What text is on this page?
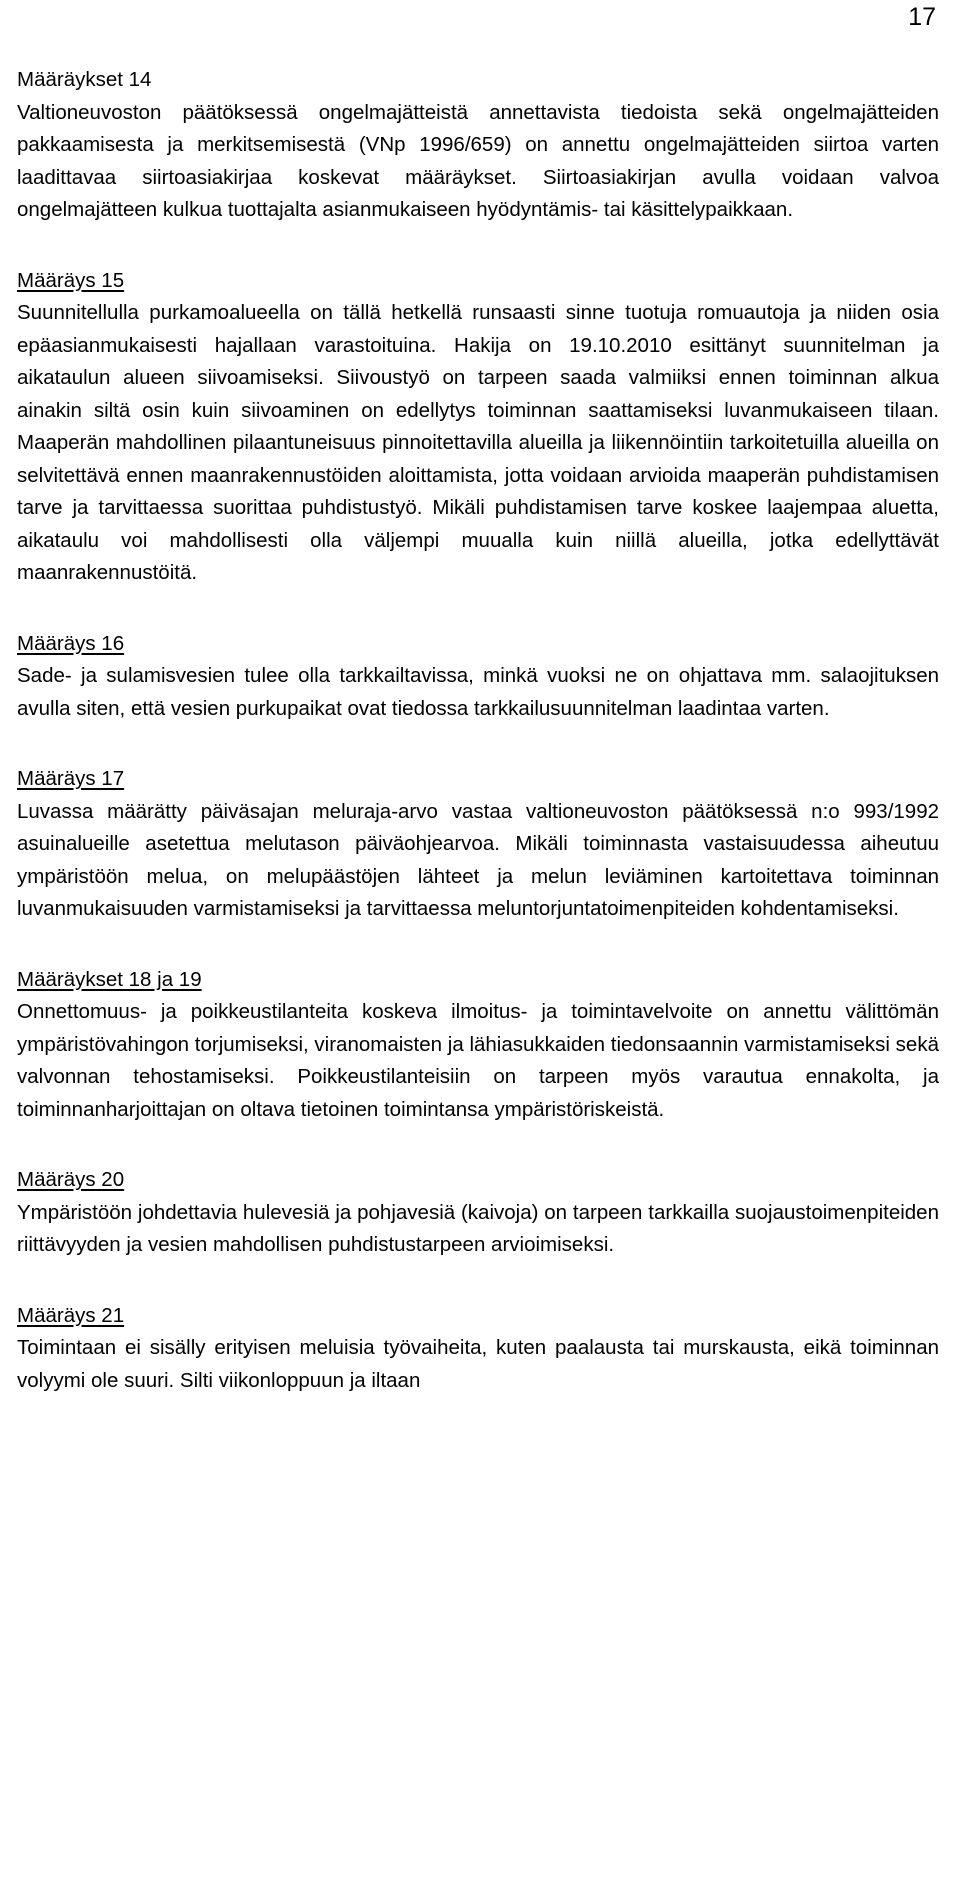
17
Määräykset 14

Valtioneuvoston päätöksessä ongelmajätteistä annettavista tiedoista sekä ongelmajätteiden pakkaamisesta ja merkitsemisestä (VNp 1996/659) on annettu ongelmajätteiden siirtoa varten laadittavaa siirtoasiakirjaa koskevat määräykset. Siirtoasiakirjan avulla voidaan valvoa ongelmajätteen kulkua tuottajalta asianmukaiseen hyödyntämis- tai käsittelypaikkaan.

Määräys 15

Suunnitellulla purkamoalueella on tällä hetkellä runsaasti sinne tuotuja romuautoja ja niiden osia epäasianmukaisesti hajallaan varastoituina. Hakija on 19.10.2010 esittänyt suunnitelman ja aikataulun alueen siivoamiseksi. Siivoustyö on tarpeen saada valmiiksi ennen toiminnan alkua ainakin siltä osin kuin siivoaminen on edellytys toiminnan saattamiseksi luvanmukaiseen tilaan. Maaperän mahdollinen pilaantuneisuus pinnoitettavilla alueilla ja liikennöintiin tarkoitetuilla alueilla on selvitettävä ennen maanrakennustöiden aloittamista, jotta voidaan arvioida maaperän puhdistamisen tarve ja tarvittaessa suorittaa puhdistustyö. Mikäli puhdistamisen tarve koskee laajempaa aluetta, aikataulu voi mahdollisesti olla väljempi muualla kuin niillä alueilla, jotka edellyttävät maanrakennustöitä.

Määräys 16

Sade- ja sulamisvesien tulee olla tarkkailtavissa, minkä vuoksi ne on ohjattava mm. salaojituksen avulla siten, että vesien purkupaikat ovat tiedossa tarkkailusuunnitelman laadintaa varten.

Määräys 17

Luvassa määrätty päiväsajan meluraja-arvo vastaa valtioneuvoston päätöksessä n:o 993/1992 asuinalueille asetettua melutason päiväohjearvoa. Mikäli toiminnasta vastaisuudessa aiheutuu ympäristöön melua, on melupäästöjen lähteet ja melun leviäminen kartoitettava toiminnan luvanmukaisuuden varmistamiseksi ja tarvittaessa meluntorjuntatoimenpiteiden kohdentamiseksi.

Määräykset 18 ja 19

Onnettomuus- ja poikkeustilanteita koskeva ilmoitus- ja toimintavelvoite on annettu välittömän ympäristövahingon torjumiseksi, viranomaisten ja lähiasukkaiden tiedonsaannin varmistamiseksi sekä valvonnan tehostamiseksi. Poikkeustilanteisiin on tarpeen myös varautua ennakolta, ja toiminnanharjoittajan on oltava tietoinen toimintansa ympäristöriskeistä.

Määräys 20

Ympäristöön johdettavia hulevesiä ja pohjavesiä (kaivoja) on tarpeen tarkkailla suojaustoimenpiteiden riittävyyden ja vesien mahdollisen puhdistustarpeen arvioimiseksi.

Määräys 21

Toimintaan ei sisälly erityisen meluisia työvaiheita, kuten paalausta tai murskausta, eikä toiminnan volyymi ole suuri. Silti viikonloppuun ja iltaan
